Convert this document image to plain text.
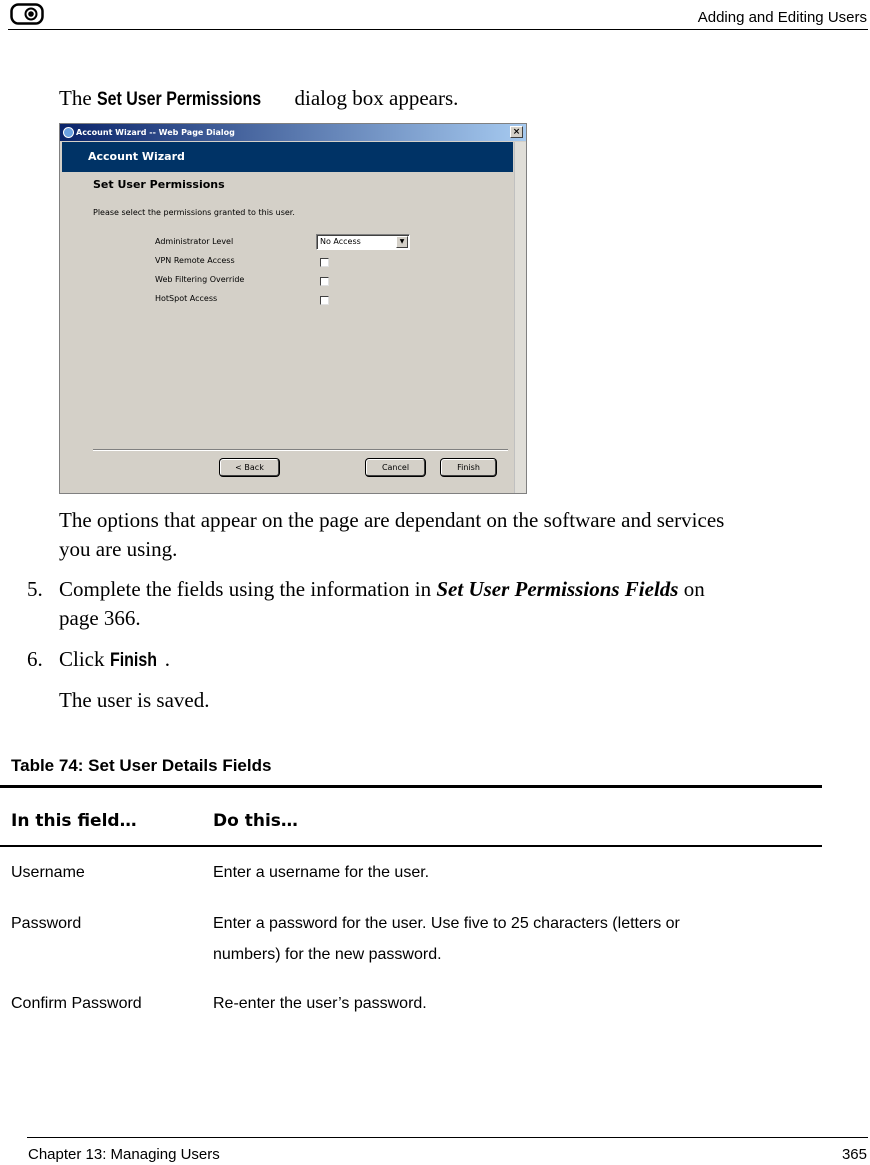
Adding and Editing Users
The Set User Permissions dialog box appears.
Account Wizard -- Web Page Dialog	×
Account Wizard
Set User Permissions
Please select the permissions granted to this user.
Administrator Level	No Access	▼
VPN Remote Access
Web Filtering Override
HotSpot Access
< Back	Cancel	Finish
The options that appear on the page are dependant on the software and services
you are using.
5. Complete the fields using the information in Set User Permissions Fields on
page 366.
6. Click Finish .
The user is saved.
Table 74: Set User Details Fields
In this field…	Do this…
Username	Enter a username for the user.
Password	Enter a password for the user. Use five to 25 characters (letters or
numbers) for the new password.
Confirm Password	Re-enter the user’s password.
Chapter 13: Managing Users	365
